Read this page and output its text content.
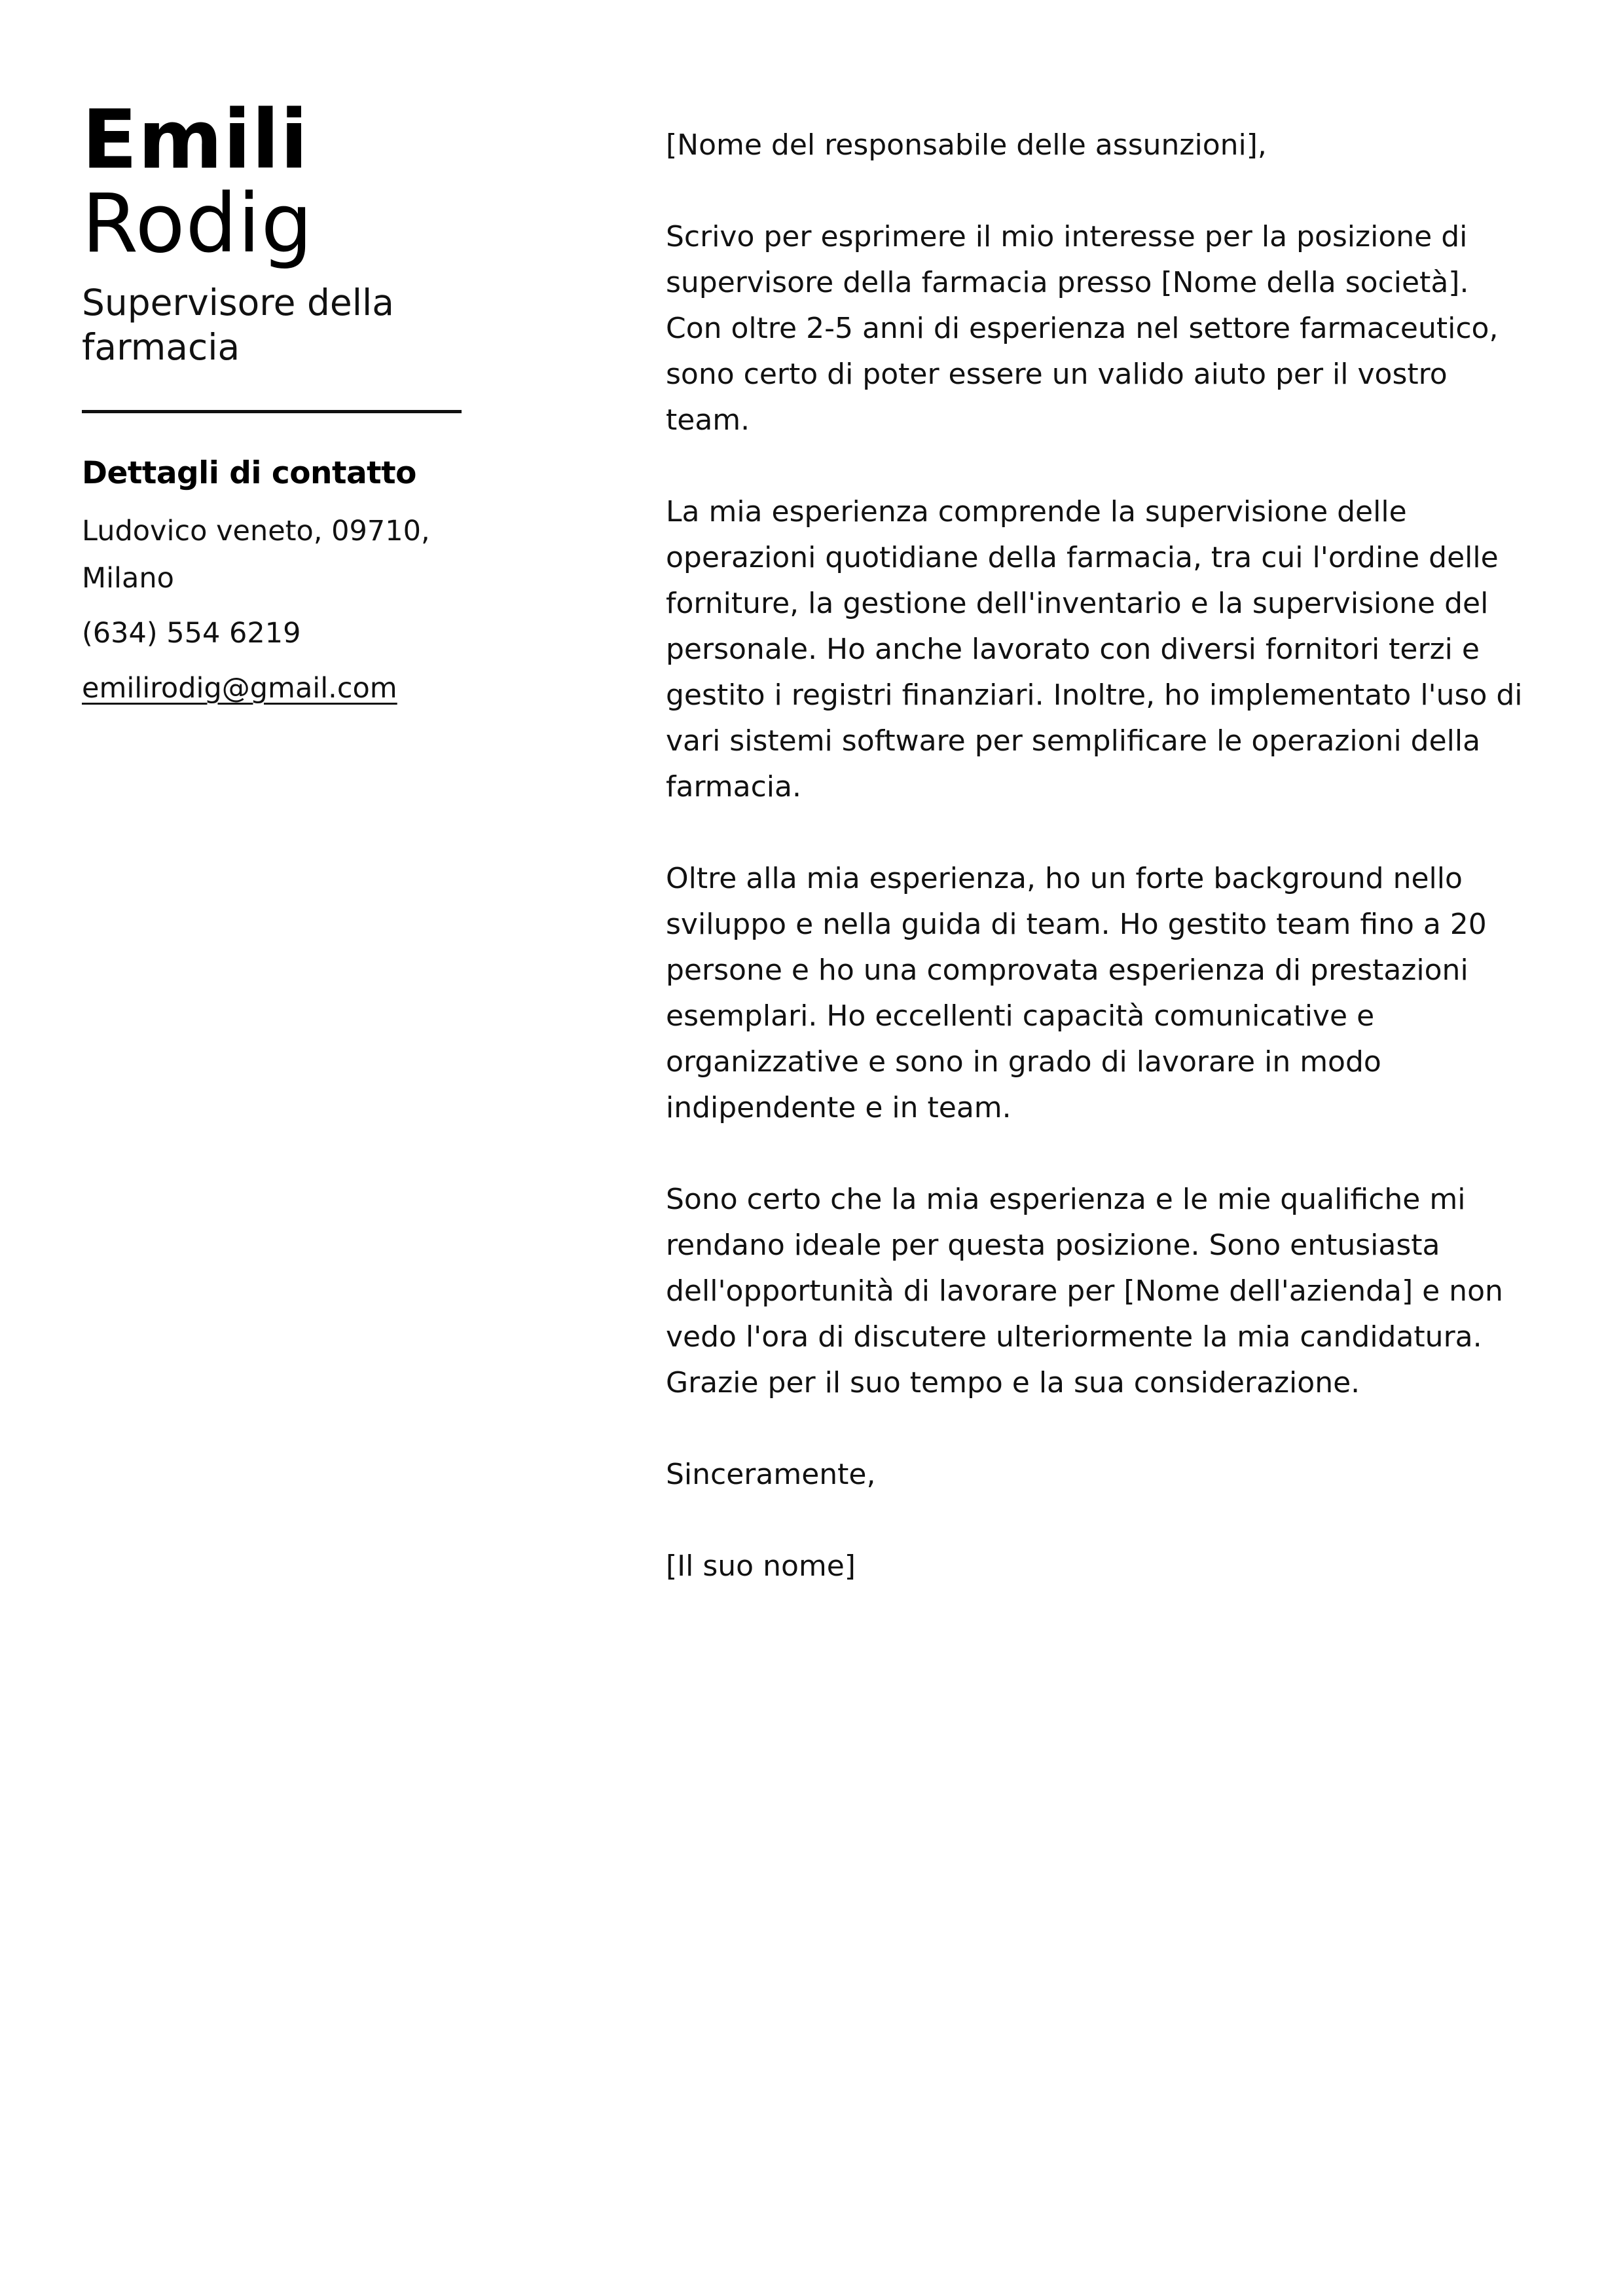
Emili
Rodig
Supervisore della farmacia
Dettagli di contatto
Ludovico veneto, 09710, Milano
(634) 554 6219
emilirodig@gmail.com

[Nome del responsabile delle assunzioni],

Scrivo per esprimere il mio interesse per la posizione di supervisore della farmacia presso [Nome della società]. Con oltre 2-5 anni di esperienza nel settore farmaceutico, sono certo di poter essere un valido aiuto per il vostro team.

La mia esperienza comprende la supervisione delle operazioni quotidiane della farmacia, tra cui l'ordine delle forniture, la gestione dell'inventario e la supervisione del personale. Ho anche lavorato con diversi fornitori terzi e gestito i registri finanziari. Inoltre, ho implementato l'uso di vari sistemi software per semplificare le operazioni della farmacia.

Oltre alla mia esperienza, ho un forte background nello sviluppo e nella guida di team. Ho gestito team fino a 20 persone e ho una comprovata esperienza di prestazioni esemplari. Ho eccellenti capacità comunicative e organizzative e sono in grado di lavorare in modo indipendente e in team.

Sono certo che la mia esperienza e le mie qualifiche mi rendano ideale per questa posizione. Sono entusiasta dell'opportunità di lavorare per [Nome dell'azienda] e non vedo l'ora di discutere ulteriormente la mia candidatura. Grazie per il suo tempo e la sua considerazione.

Sinceramente,

[Il suo nome]
